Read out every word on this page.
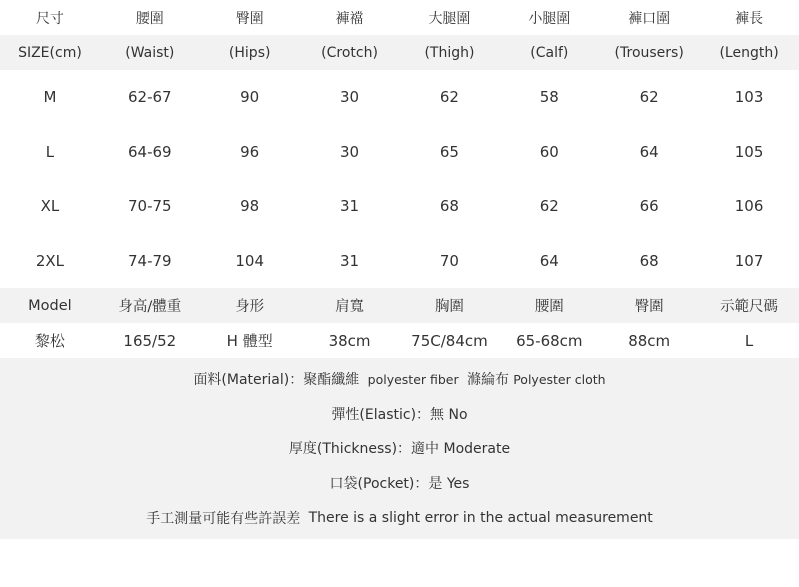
尺寸	腰圍	臀圍	褲襠	大腿圍	小腿圍	褲口圍	褲長
SIZE(cm)	(Waist)	(Hips)	(Crotch)	(Thigh)	(Calf)	(Trousers)	(Length)
M	62-67	90	30	62	58	62	103
L	64-69	96	30	65	60	64	105
XL	70-75	98	31	68	62	66	106
2XL	74-79	104	31	70	64	68	107
Model	身高/體重	身形	肩寬	胸圍	腰圍	臀圍	示範尺碼
黎松	165/52	H 體型	38cm	75C/84cm	65-68cm	88cm	L
面料(Material)： 聚酯纖維 polyester fiber 滌綸布 Polyester cloth
彈性(Elastic)：無 No
厚度(Thickness)：適中 Moderate
口袋(Pocket)：是 Yes
手工測量可能有些許誤差 There is a slight error in the actual measurement
